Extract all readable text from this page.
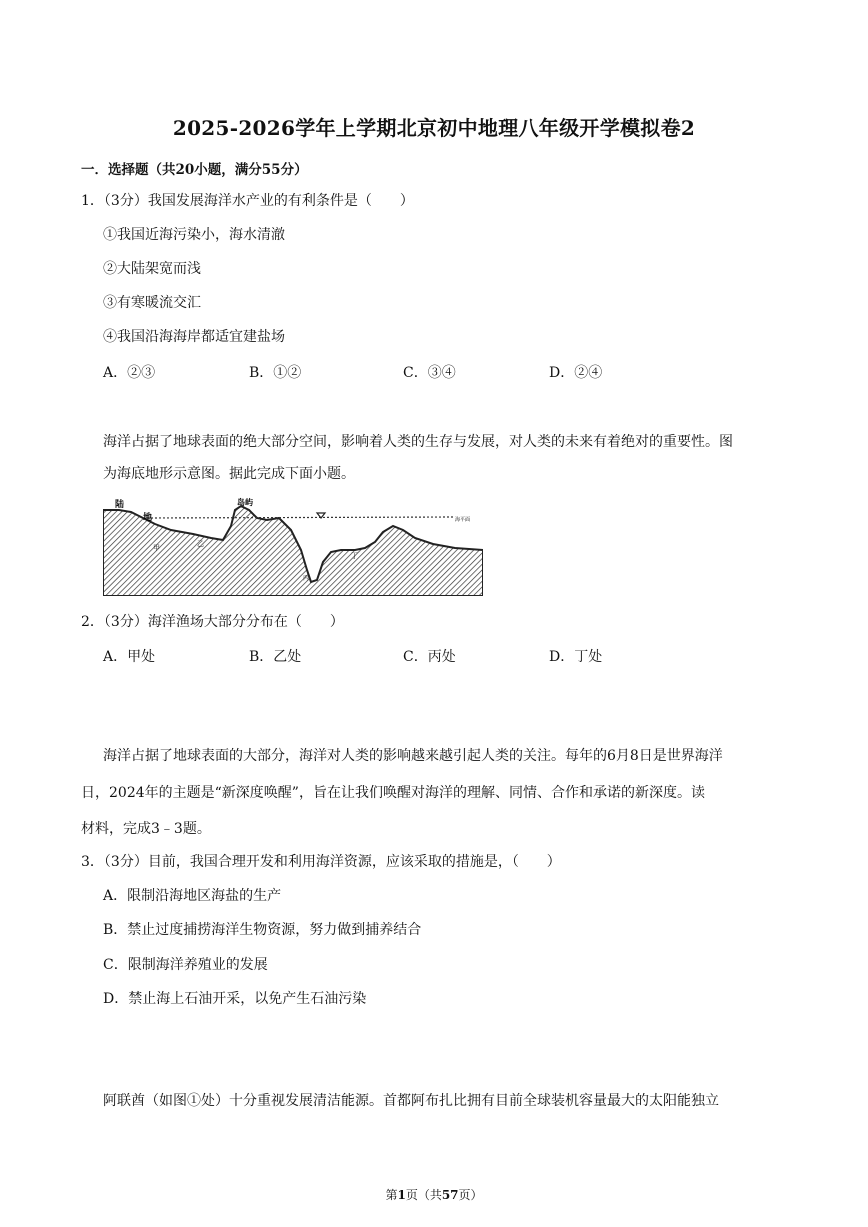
2025-2026学年上学期北京初中地理八年级开学模拟卷2
一．选择题（共20小题，满分55分）
1．（3分）我国发展海洋水产业的有利条件是（　　）
①我国近海污染小，海水清澈
②大陆架宽而浅
③有寒暖流交汇
④我国沿海海岸都适宜建盐场
A．②③	B．①②	C．③④	D．②④
海洋占据了地球表面的绝大部分空间，影响着人类的生存与发展，对人类的未来有着绝对的重要性。图
为海底地形示意图。据此完成下面小题。
陆
地
岛屿
海平面
甲	乙
丁
丙
2．（3分）海洋渔场大部分分布在（　　）
A．甲处	B．乙处	C．丙处	D．丁处
海洋占据了地球表面的大部分，海洋对人类的影响越来越引起人类的关注。每年的6月8日是世界海洋
日，2024年的主题是“新深度唤醒”，旨在让我们唤醒对海洋的理解、同情、合作和承诺的新深度。读
材料，完成3﹣3题。
3．（3分）目前，我国合理开发和利用海洋资源，应该采取的措施是，（　　）
A．限制沿海地区海盐的生产
B．禁止过度捕捞海洋生物资源，努力做到捕养结合
C．限制海洋养殖业的发展
D．禁止海上石油开采，以免产生石油污染
阿联酋（如图①处）十分重视发展清洁能源。首都阿布扎比拥有目前全球装机容量最大的太阳能独立
第1页（共57页）
